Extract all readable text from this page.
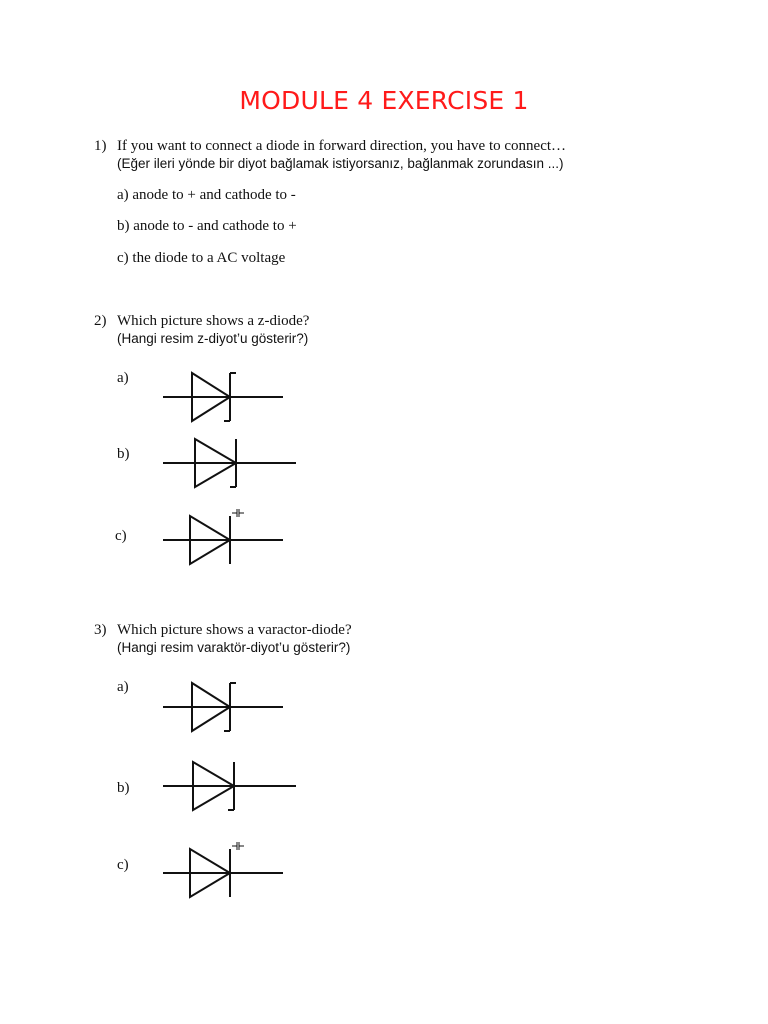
MODULE 4 EXERCISE 1
1) If you want to connect a diode in forward direction, you have to connect…
(Eğer ileri yönde bir diyot bağlamak istiyorsanız, bağlanmak zorundasın ...)
a) anode to + and cathode to -
b) anode to - and cathode to +
c) the diode to a AC voltage
2) Which picture shows a z-diode?
(Hangi resim z-diyot’u gösterir?)
a)
b)
c)
3) Which picture shows a varactor-diode?
(Hangi resim varaktör-diyot’u gösterir?)
a)
b)
c)
